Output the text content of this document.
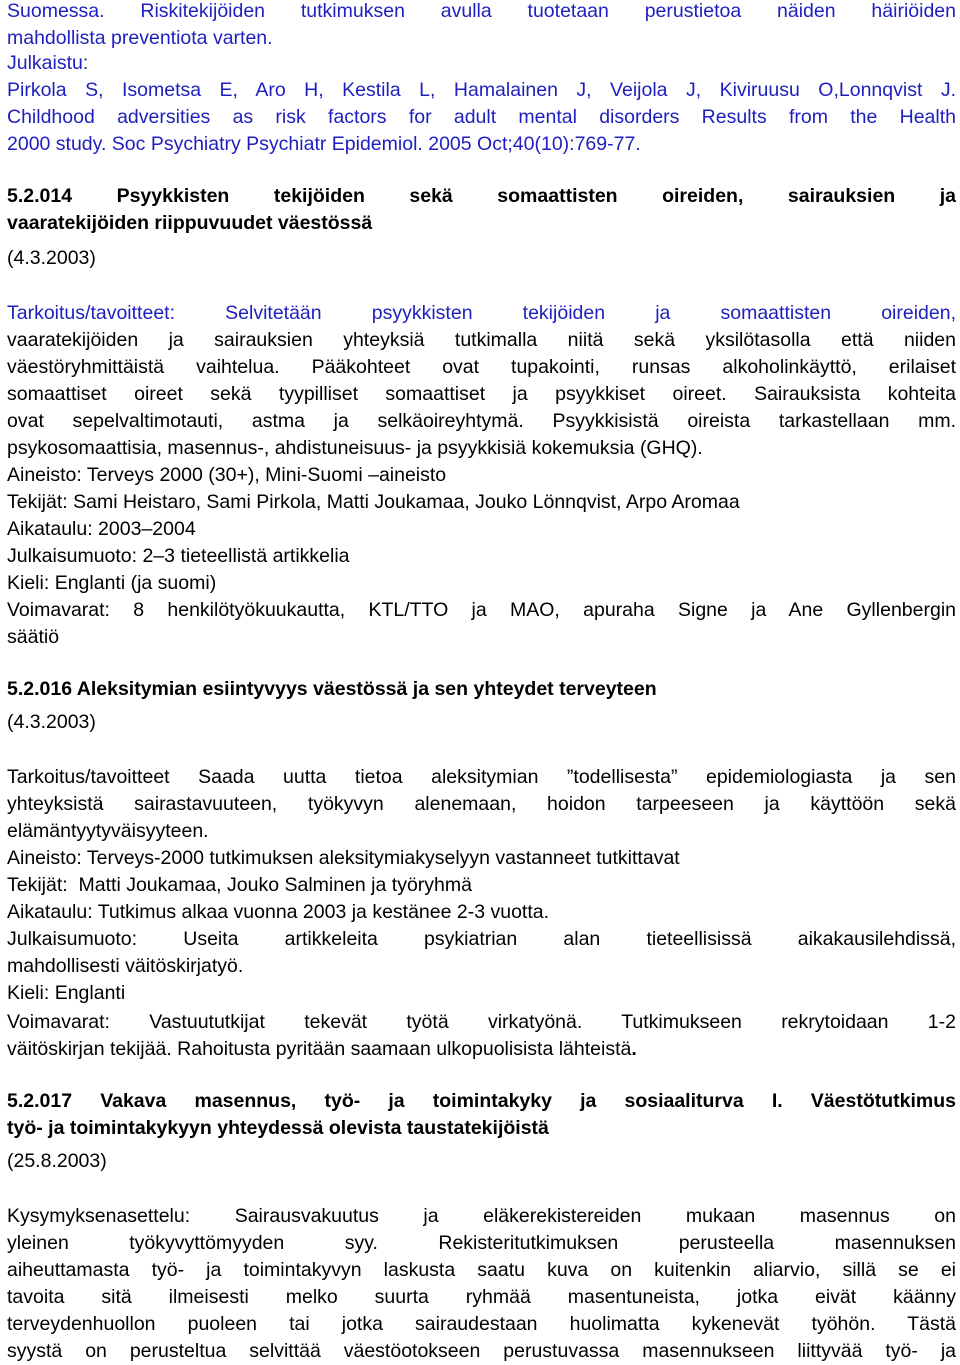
Suomessa. Riskitekijöiden tutkimuksen avulla tuotetaan perustietoa näiden häiriöiden
mahdollista preventiota varten.
Julkaistu:
Pirkola S, Isometsa E, Aro H, Kestila L, Hamalainen J, Veijola J, Kiviruusu O,Lonnqvist J.
Childhood adversities as risk factors for adult mental disorders Results from the Health
2000 study. Soc Psychiatry Psychiatr Epidemiol. 2005 Oct;40(10):769-77.
5.2.014 Psyykkisten tekijöiden sekä somaattisten oireiden, sairauksien ja
vaaratekijöiden riippuvuudet väestössä
(4.3.2003)
Tarkoitus/tavoitteet: Selvitetään psyykkisten tekijöiden ja somaattisten oireiden,
vaaratekijöiden ja sairauksien yhteyksiä tutkimalla niitä sekä yksilötasolla että niiden
väestöryhmittäistä vaihtelua. Pääkohteet ovat tupakointi, runsas alkoholinkäyttö, erilaiset
somaattiset oireet sekä tyypilliset somaattiset ja psyykkiset oireet. Sairauksista kohteita
ovat sepelvaltimotauti, astma ja selkäoireyhtymä. Psyykkisistä oireista tarkastellaan mm.
psykosomaattisia, masennus-, ahdistuneisuus- ja psyykkisiä kokemuksia (GHQ).
Aineisto: Terveys 2000 (30+), Mini-Suomi –aineisto
Tekijät: Sami Heistaro, Sami Pirkola, Matti Joukamaa, Jouko Lönnqvist, Arpo Aromaa
Aikataulu: 2003–2004
Julkaisumuoto: 2–3 tieteellistä artikkelia
Kieli: Englanti (ja suomi)
Voimavarat: 8 henkilötyökuukautta, KTL/TTO ja MAO, apuraha Signe ja Ane Gyllenbergin
säätiö
5.2.016 Aleksitymian esiintyvyys väestössä ja sen yhteydet terveyteen
(4.3.2003)
Tarkoitus/tavoitteet Saada uutta tietoa aleksitymian ”todellisesta” epidemiologiasta ja sen
yhteyksistä sairastavuuteen, työkyvyn alenemaan, hoidon tarpeeseen ja käyttöön sekä
elämäntyytyväisyyteen.
Aineisto: Terveys-2000 tutkimuksen aleksitymiakyselyyn vastanneet tutkittavat
Tekijät:  Matti Joukamaa, Jouko Salminen ja työryhmä
Aikataulu: Tutkimus alkaa vuonna 2003 ja kestänee 2-3 vuotta.
Julkaisumuoto: Useita artikkeleita psykiatrian alan tieteellisissä aikakausilehdissä,
mahdollisesti väitöskirjatyö.
Kieli: Englanti
Voimavarat: Vastuututkijat tekevät työtä virkatyönä. Tutkimukseen rekrytoidaan 1-2
väitöskirjan tekijää. Rahoitusta pyritään saamaan ulkopuolisista lähteistä.
5.2.017 Vakava masennus, työ- ja toimintakyky ja sosiaaliturva I. Väestötutkimus
työ- ja toimintakykyyn yhteydessä olevista taustatekijöistä
(25.8.2003)
Kysymyksenasettelu: Sairausvakuutus ja eläkerekistereiden mukaan masennus on
yleinen työkyvyttömyyden syy. Rekisteritutkimuksen perusteella masennuksen
aiheuttamasta työ- ja toimintakyvyn laskusta saatu kuva on kuitenkin aliarvio, sillä se ei
tavoita sitä ilmeisesti melko suurta ryhmää masentuneista, jotka eivät käänny
terveydenhuollon puoleen tai jotka sairaudestaan huolimatta kykenevät työhön. Tästä
syystä on perusteltua selvittää väestöotokseen perustuvassa masennukseen liittyvää työ- ja
